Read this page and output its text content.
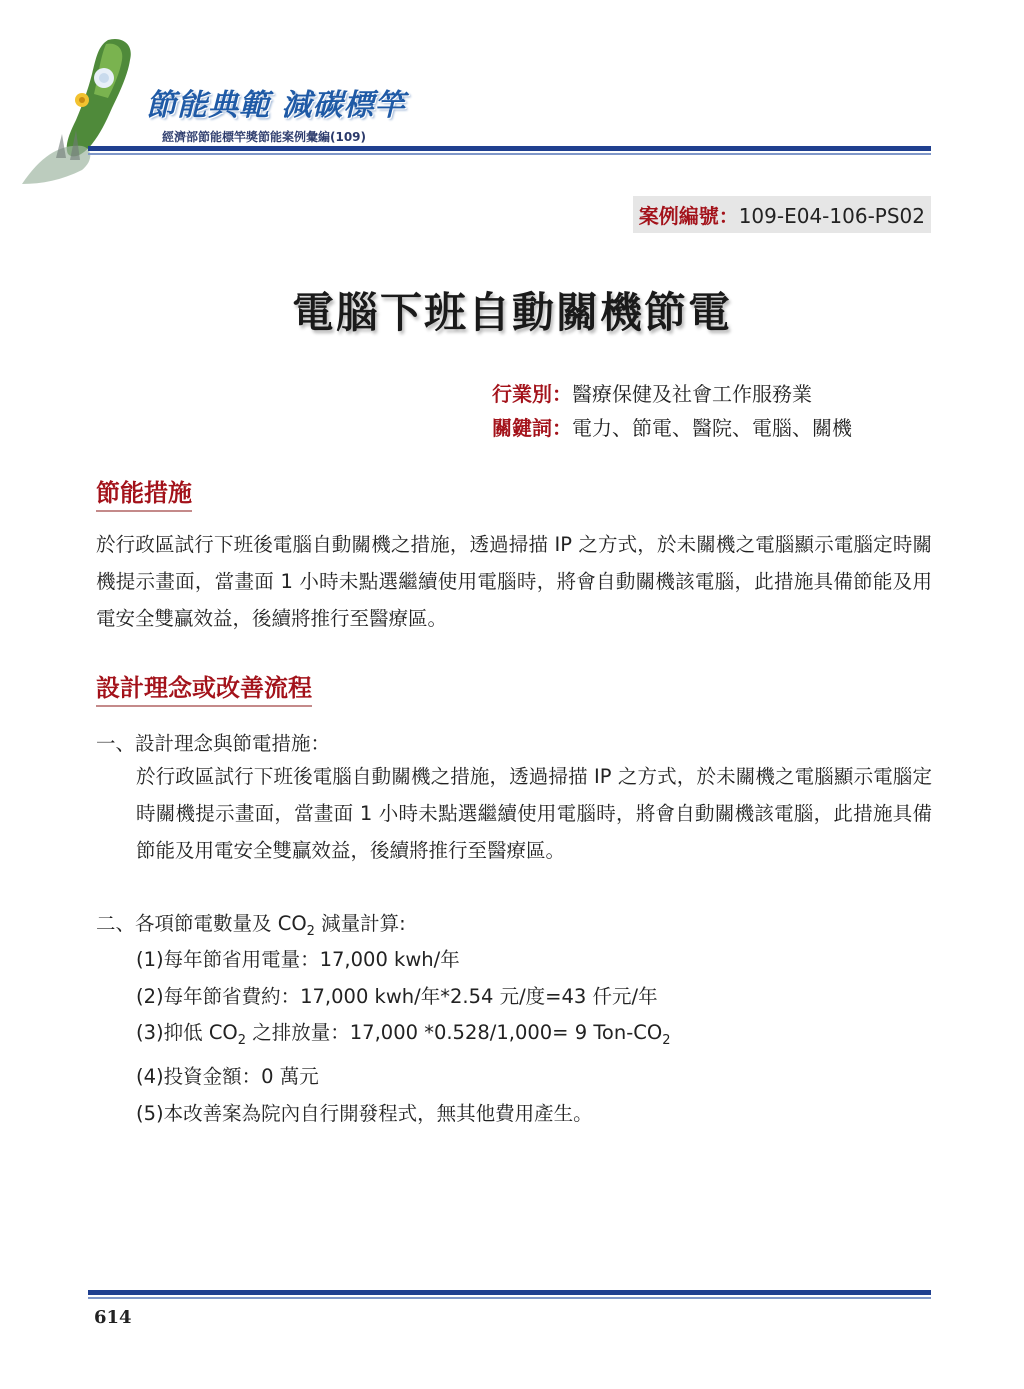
節能典範 減碳標竿
經濟部節能標竿獎節能案例彙編(109)
案例編號：109-E04-106-PS02
電腦下班自動關機節電
行業別：醫療保健及社會工作服務業
關鍵詞：電力、節電、醫院、電腦、關機
節能措施
於行政區試行下班後電腦自動關機之措施，透過掃描 IP 之方式，於未關機之電腦顯示電腦定時關機提示畫面，當畫面 1 小時未點選繼續使用電腦時，將會自動關機該電腦，此措施具備節能及用電安全雙贏效益，後續將推行至醫療區。
設計理念或改善流程
一、設計理念與節電措施：
於行政區試行下班後電腦自動關機之措施，透過掃描 IP 之方式，於未關機之電腦顯示電腦定時關機提示畫面，當畫面 1 小時未點選繼續使用電腦時，將會自動關機該電腦，此措施具備節能及用電安全雙贏效益，後續將推行至醫療區。
二、各項節電數量及 $CO_2$ 減量計算:
(1)每年節省用電量：17,000 kwh/年
(2)每年節省費約：17,000 kwh/年*2.54 元/度=43 仟元/年
(3)抑低 $CO_2$ 之排放量：17,000 *0.528/1,000= 9 Ton-$CO_2$
(4)投資金額：0 萬元
(5)本改善案為院內自行開發程式，無其他費用產生。
614
